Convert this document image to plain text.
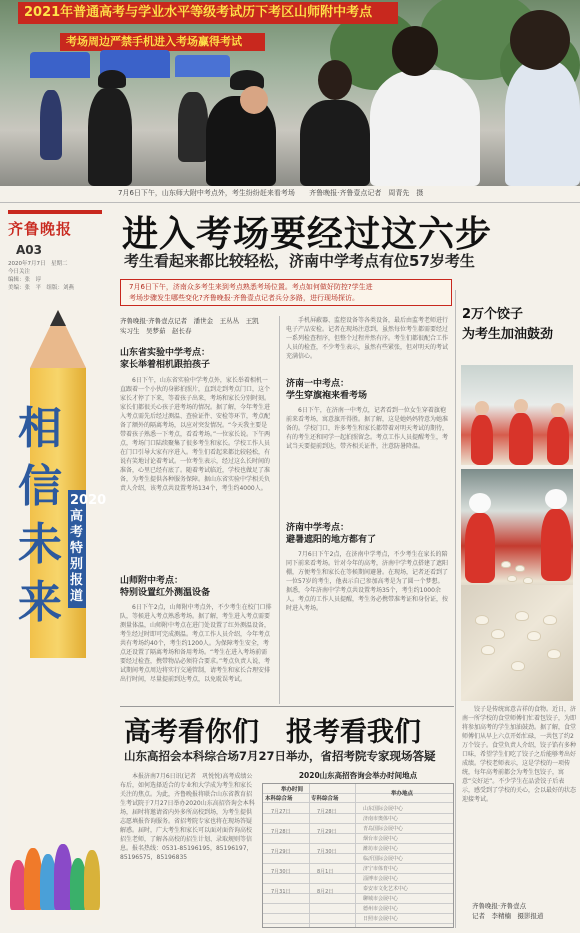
2021年普通高考与学业水平等级考试历下考区山师附中考点
考场周边严禁手机进入考场赢得考试
7月6日下午，山东师大附中考点外，考生纷纷赶来看考场 齐鲁晚报·齐鲁壹点记者　周青先　摄
齐鲁晚报 A03
2020年7月7日　星期二
今日关注
编辑：张　谆
美编：张　平　组版：刘燕
进入考场要经过这六步
考生看起来都比较轻松，济南中学考点有位57岁考生
7月6日下午，济南众多考生来到考点熟悉考场位置。考点如何做好防控?学生进
考场步骤发生哪些变化?齐鲁晚报·齐鲁壹点记者兵分多路，进行现场探访。
相信未来
2020高考特别报道
齐鲁晚报·齐鲁壹点记者　潘世金　王丛丛　王凯
实习生　吴梦茹　赵长春
山东省实验中学考点：
家长举着相机跟拍孩子

6日下午，山东省实验中学考点外，家长举着相机一直跟着一个小伙的身影拍照片，直到走到考点门口，这个家长才停了下来，等着孩子出来，考场和家长分别时刻。家长们都很关心孩子进考场的情况。据了解，今年考生进入考点需先后经过测温、查验证件、安检等环节，考点配备了额外的隔离考场，以应对突发情况。“今天我主要是带着孩子熟悉一下考点，看看考场。”一位家长说。下午两点，考场门口陆续聚集了很多考生和家长。学校工作人员在门口引导大家有序进入。考生们看起来都比较轻松，有说有笑地讨论着考试。一位考生表示，经过这么长时间的准备，心里已经有底了。随着考试临近，学校也做足了准备，为考生提供各种服务保障。据山东省实验中学相关负责人介绍，该考点共设置考场134个，考生约4000人。

山师附中考点：
特别设置红外测温设备

6日下午2点，山师附中考点外，不少考生在校门口排队，等候进入考点熟悉考场。据了解，考生进入考点需要测量体温，山师附中考点在进门处设置了红外测温设备，考生经过时即可完成测温。考点工作人员介绍，今年考点共有考场约40个，考生约1200人。为保障考生安全，考点还设置了隔离考场和备用考场。“考生在进入考场前需要经过检查，携带物品必须符合要求。”考点负责人说，考试期间考点周边将实行交通管制，请考生和家长合理安排出行时间，尽量提前到达考点，以免耽误考试。

手机屏蔽器、监控设备等各类设备，最后由监考老师进行电子产品安检。记者在现场注意到，虽然每位考生都需要经过一系列检查程序，但整个过程井然有序。考生们都很配合工作人员的检查，不少考生表示，虽然有些紧张，但对明天的考试充满信心。

济南一中考点：
学生穿旗袍来看考场

6日下午，在济南一中考点，记者看到一位女生穿着旗袍前来看考场，寓意旗开得胜。据了解，这是她妈妈特意为她准备的。学校门口，许多考生和家长都带着对明天考试的期待，有的考生还和同学一起拍照留念。考点工作人员提醒考生，考试当天要提前到达，带齐相关证件，注意防暑降温。

济南中学考点：
避暑遮阳的地方都有了

7月6日下午2点，在济南中学考点，不少考生在家长的陪同下前来看考场。针对今年的高考，济南中学考点搭建了遮阳棚，方便考生和家长在等候期间避暑。在现场，记者还看到了一位57岁的考生，他表示自己参加高考是为了圆一个梦想。据悉，今年济南中学考点共设置考场35个，考生约1000余人。考点的工作人员提醒，考生务必携带准考证和身份证，按时进入考场。

2万个饺子
为考生加油鼓劲

饺子是传统寓意吉祥的食物。近日，济南一所学校的食堂师傅们忙着包饺子，为即将参加高考的学生加油鼓劲。据了解，食堂师傅们从早上六点开始忙碌，一共包了约2万个饺子。食堂负责人介绍，饺子馅有多种口味，希望学生们吃了饺子之后能够考出好成绩。学校老师表示，这是学校的一项传统，每年高考前都会为考生包饺子，寓意“交好运”。不少学生在品尝饺子后表示，感受到了学校的关心，会以最好的状态迎接考试。

齐鲁晚报·齐鲁壹点
记者　李精楠　摄影报道
高考看你们　报考看我们
山东高招会本科综合场7月27日举办，省招考院专家现场答疑

本报济南7月6日讯(记者　巩悦悦)高考成绩公布后，如何选择适合的专业和大学成为考生和家长关注的焦点。为此，齐鲁晚报将联合山东省教育招生考试院于7月27日举办2020山东高招咨询会本科场，届时将邀请省内外多所高校到场，为考生提供志愿填报咨询服务。省招考院专家也将在现场答疑解惑。届时，广大考生和家长可以面对面咨询高校招生老师，了解各高校的招生计划、录取规则等信息。报名热线：0531-85196195，85196197，85196575，85196835

2020山东高招咨询会举办时间地点
举办时间
本科综合场	专科综合场
举办地点
山东国际会展中心
济南市奥体中心
青岛国际会展中心
烟台市会展中心
潍坊市会展中心
临沂国际会展中心
济宁市体育中心
淄博市会展中心
泰安市文化艺术中心
聊城市会展中心
德州市会展中心
日照市会展中心
7月27日
7月28日
7月29日
7月30日
7月31日
7月28日
7月29日
7月30日
8月1日
8月2日
